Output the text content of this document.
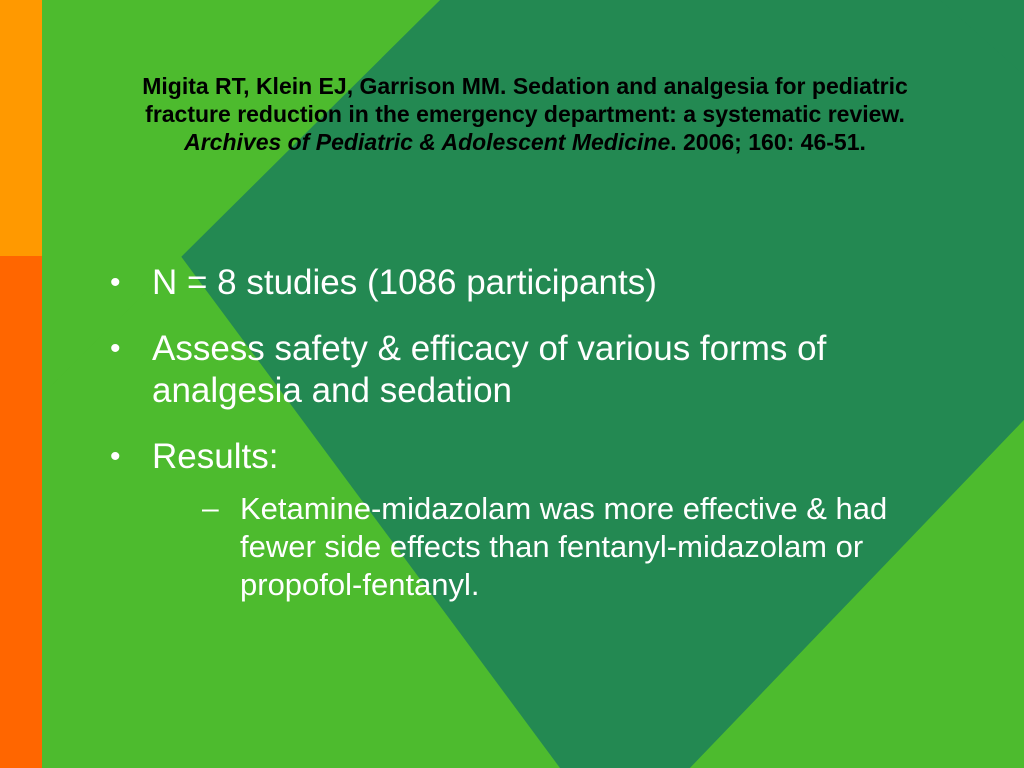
Migita RT, Klein EJ, Garrison MM. Sedation and analgesia for pediatric fracture reduction in the emergency department: a systematic review. Archives of Pediatric & Adolescent Medicine. 2006; 160: 46-51.
• N = 8 studies (1086 participants)
• Assess safety & efficacy of various forms of analgesia and sedation
• Results:
– Ketamine-midazolam was more effective & had fewer side effects than fentanyl-midazolam or propofol-fentanyl.
